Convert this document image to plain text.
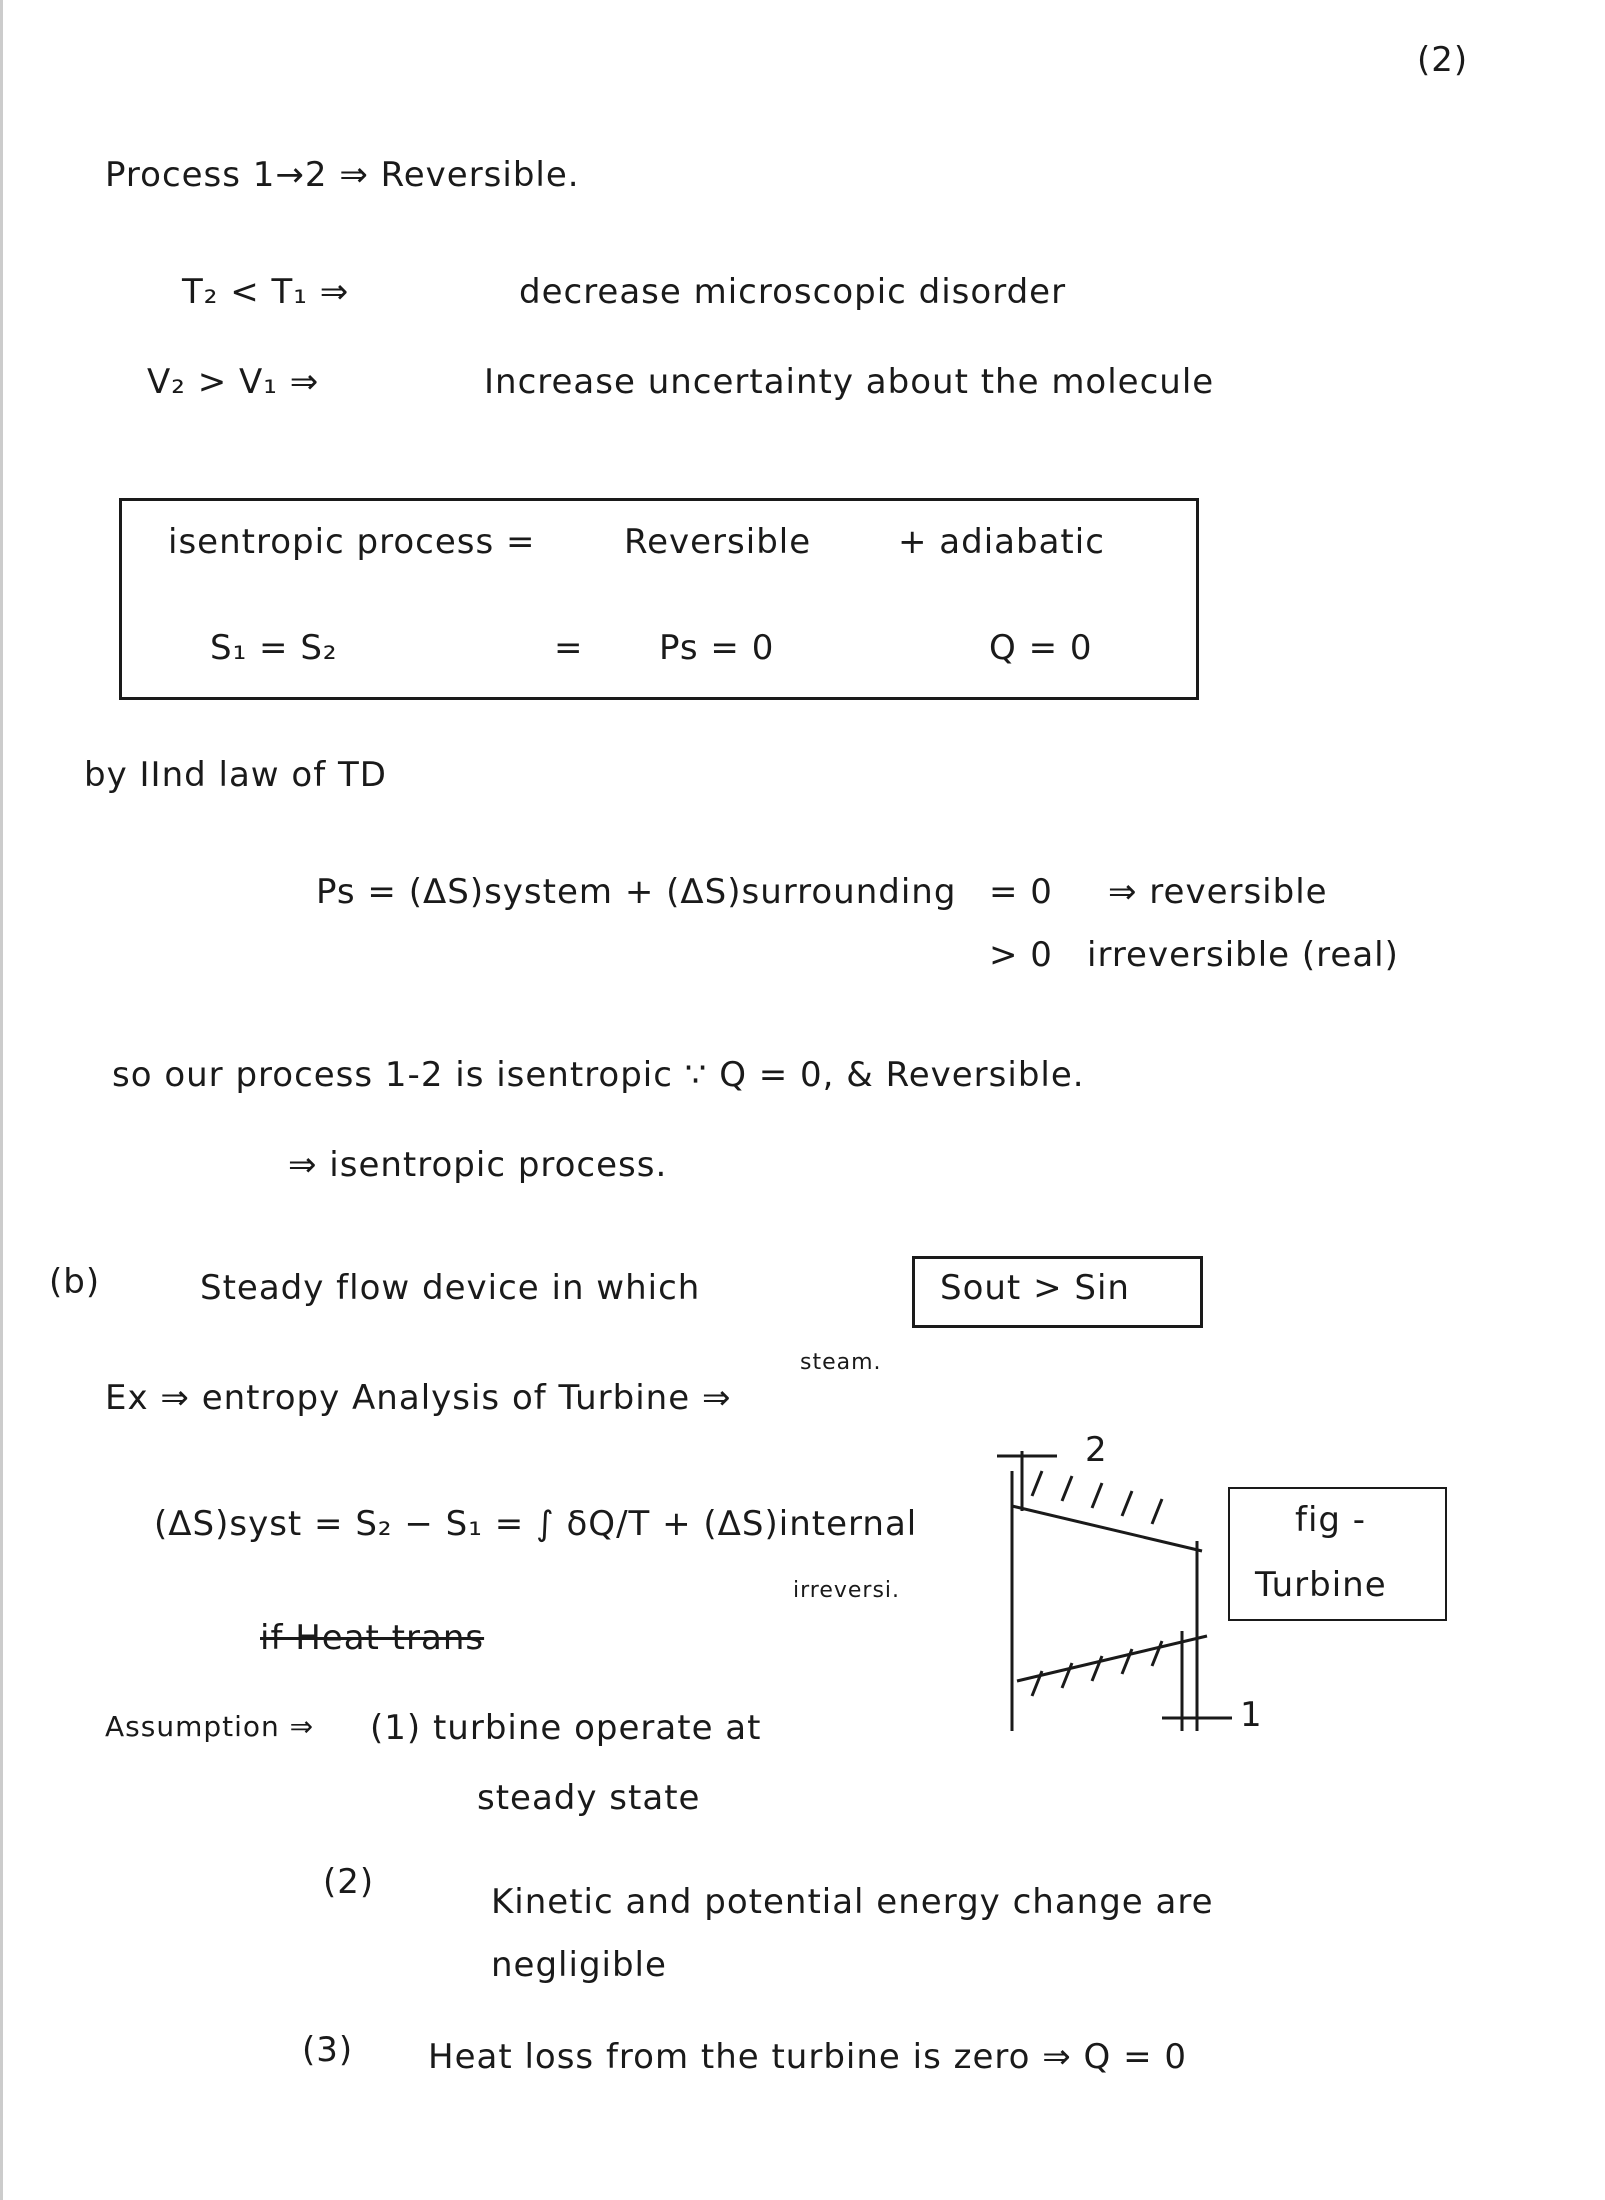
(2)
Process 1→2 ⇒ Reversible.
T₂ < T₁ ⇒	decrease microscopic disorder
V₂ > V₁ ⇒	Increase uncertainty about the molecule
isentropic process =	Reversible	+ adiabatic
S₁ = S₂	= Ps = 0	Q = 0
by IInd law of TD
Ps = (ΔS)system + (ΔS)surrounding = 0 ⇒ reversible
> 0 irreversible (real)
so our process 1-2 is isentropic ∵ Q = 0, & Reversible.
⇒ isentropic process.
(b)	Steady flow device in which	Sout > Sin
steam.
Ex ⇒ entropy Analysis of Turbine ⇒
(ΔS)syst = S₂ − S₁ = ∫ δQ/T + (ΔS)internal
irreversi.
if Heat trans
2
1
fig -
Turbine
Assumption ⇒ (1) turbine operate at
steady state
(2)	Kinetic and potential energy change are
negligible
(3) Heat loss from the turbine is zero ⇒ Q = 0
